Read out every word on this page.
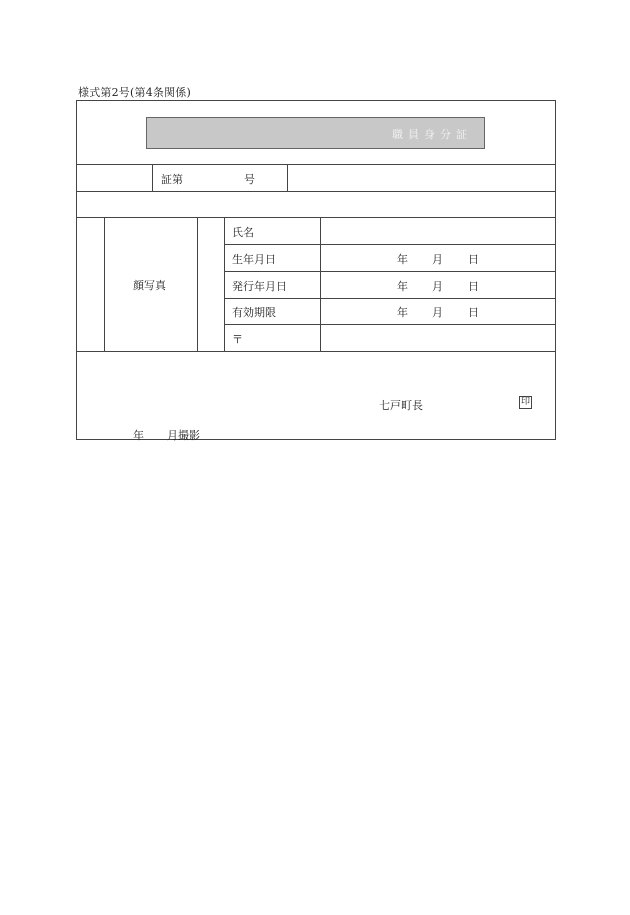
様式第2号(第4条関係)
職員身分証
証第	号
顔写真
氏名
生年月日	年 月 日
発行年月日	年 月 日
有効期限	年 月 日
〒
七戸町長	印
年 月撮影
